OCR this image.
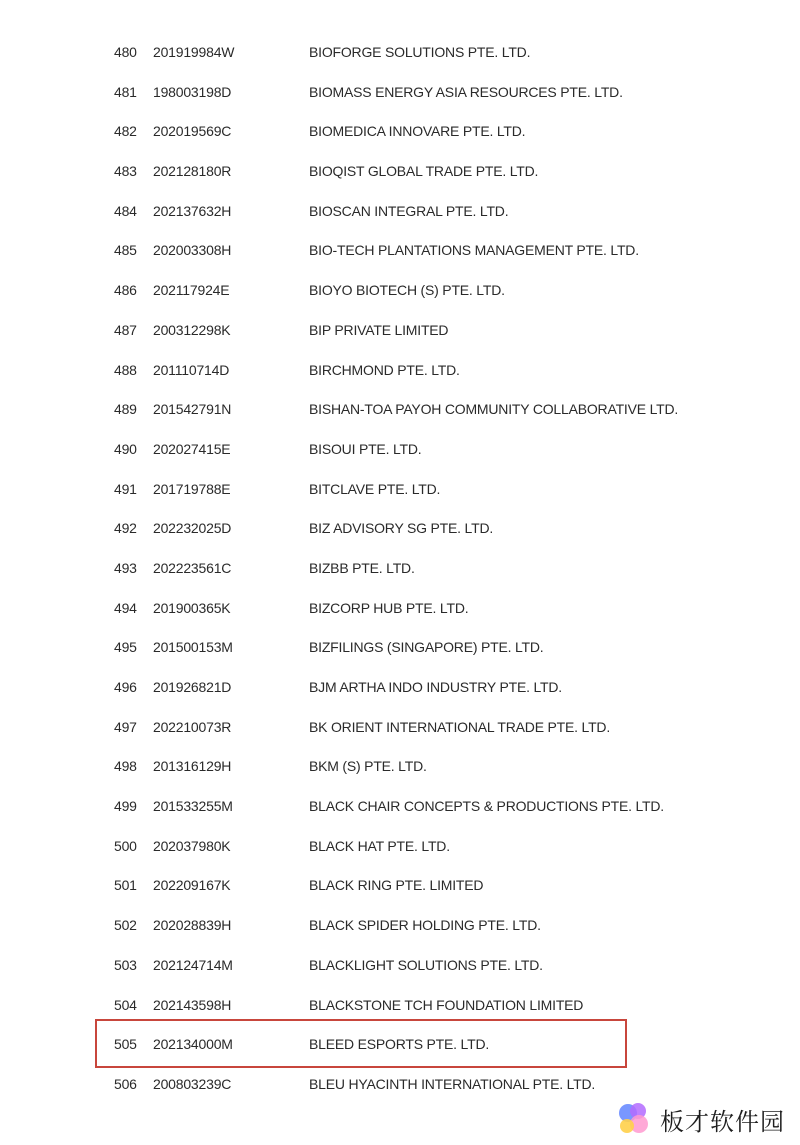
480	201919984W	BIOFORGE SOLUTIONS PTE. LTD.
481	198003198D	BIOMASS ENERGY ASIA RESOURCES PTE. LTD.
482	202019569C	BIOMEDICA INNOVARE PTE. LTD.
483	202128180R	BIOQIST GLOBAL TRADE PTE. LTD.
484	202137632H	BIOSCAN INTEGRAL PTE. LTD.
485	202003308H	BIO-TECH PLANTATIONS MANAGEMENT PTE. LTD.
486	202117924E	BIOYO BIOTECH (S) PTE. LTD.
487	200312298K	BIP PRIVATE LIMITED
488	201110714D	BIRCHMOND PTE. LTD.
489	201542791N	BISHAN-TOA PAYOH COMMUNITY COLLABORATIVE LTD.
490	202027415E	BISOUI PTE. LTD.
491	201719788E	BITCLAVE PTE. LTD.
492	202232025D	BIZ ADVISORY SG PTE. LTD.
493	202223561C	BIZBB PTE. LTD.
494	201900365K	BIZCORP HUB PTE. LTD.
495	201500153M	BIZFILINGS (SINGAPORE) PTE. LTD.
496	201926821D	BJM ARTHA INDO INDUSTRY PTE. LTD.
497	202210073R	BK ORIENT INTERNATIONAL TRADE PTE. LTD.
498	201316129H	BKM (S) PTE. LTD.
499	201533255M	BLACK CHAIR CONCEPTS & PRODUCTIONS PTE. LTD.
500	202037980K	BLACK HAT PTE. LTD.
501	202209167K	BLACK RING PTE. LIMITED
502	202028839H	BLACK SPIDER HOLDING PTE. LTD.
503	202124714M	BLACKLIGHT SOLUTIONS PTE. LTD.
504	202143598H	BLACKSTONE TCH FOUNDATION LIMITED
505	202134000M	BLEED ESPORTS PTE. LTD.
506	200803239C	BLEU HYACINTH INTERNATIONAL PTE. LTD.
板才软件园
